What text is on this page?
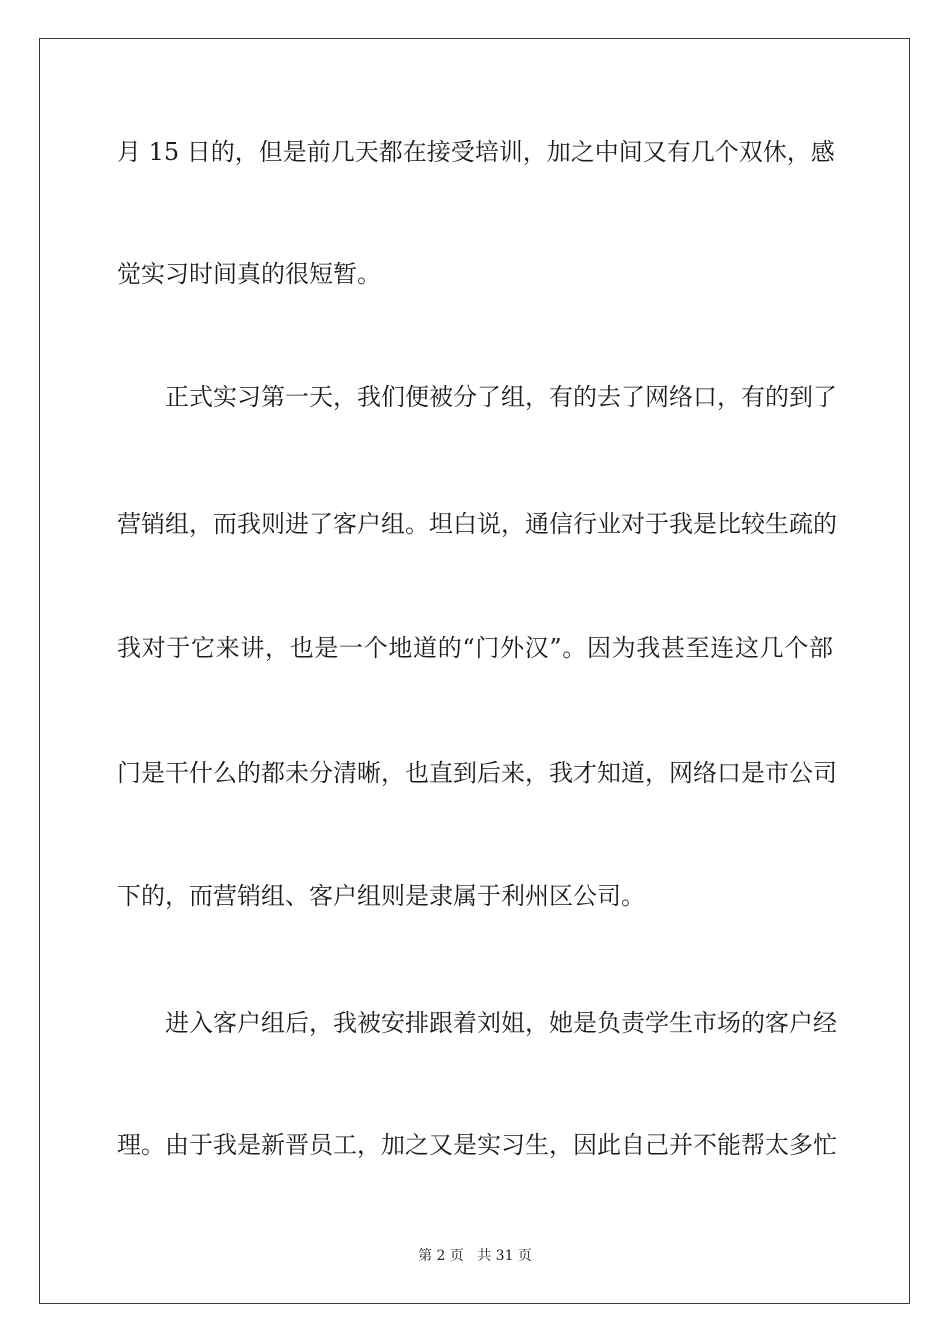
月 15 日的，但是前几天都在接受培训，加之中间又有几个双休，感
觉实习时间真的很短暂。
正式实习第一天，我们便被分了组，有的去了网络口，有的到了
营销组，而我则进了客户组。坦白说，通信行业对于我是比较生疏的
我对于它来讲，也是一个地道的“门外汉”。因为我甚至连这几个部
门是干什么的都未分清晰，也直到后来，我才知道，网络口是市公司
下的，而营销组、客户组则是隶属于利州区公司。
进入客户组后，我被安排跟着刘姐，她是负责学生市场的客户经
理。由于我是新晋员工，加之又是实习生，因此自己并不能帮太多忙
第 2 页   共 31 页
